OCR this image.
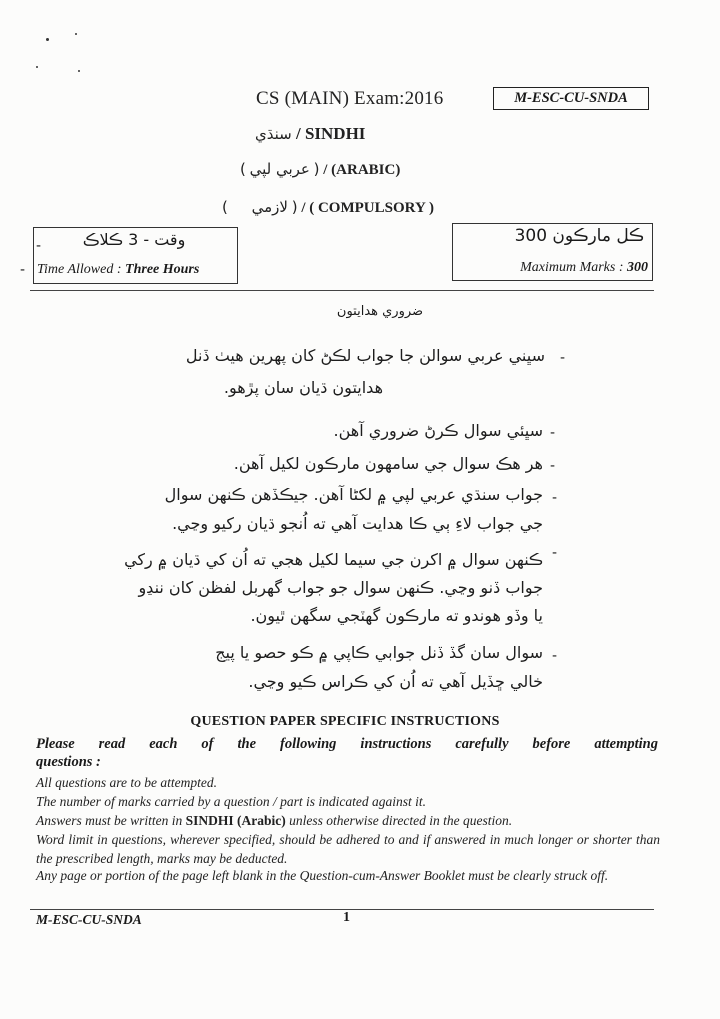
CS (MAIN) Exam:2016	M-ESC-CU-SNDA
سنڌي / SINDHI
( عربي لپي ) / (ARABIC)
( لازمي ) / ( COMPULSORY )
وقت - 3 ڪلاڪ
Time Allowed : Three Hours
-
-	ڪل مارڪون 300
Maximum Marks : 300
ضروري هدايتون
سڀني عربي سوالن جا جواب لڪڻ کان پهرين هيٺ ڏنل -
هدايتون ڌيان سان پڙهو.
-
سڀئي سوال ڪرڻ ضروري آهن.
-
هر هڪ سوال جي سامهون مارڪون لکيل آهن.
-
جواب سنڌي عربي لپي ۾ لکڻا آهن. جيڪڏهن ڪنهن سوال
جي جواب لاءِ ٻي ڪا هدايت آهي ته اُنجو ڌيان رکيو وڃي.
-
ڪنهن سوال ۾ اکرن جي سيما لکيل هجي ته اُن کي ڌيان ۾ رکي
جواب ڏنو وڃي. ڪنهن سوال جو جواب گهربل لفظن کان ننڍو
يا وڏو هوندو ته مارڪون گهٽجي سگهن ٿيون.
-
سوال سان گڏ ڏنل جوابي ڪاپي ۾ ڪو حصو يا پيج
خالي ڇڏيل آهي ته اُن کي ڪراس ڪيو وڃي.
QUESTION PAPER SPECIFIC INSTRUCTIONS
Please read each of the following instructions carefully before attempting
questions :
All questions are to be attempted.
The number of marks carried by a question / part is indicated against it.
Answers must be written in SINDHI (Arabic) unless otherwise directed in the question.
Word limit in questions, wherever specified, should be adhered to and if answered in much longer or shorter than the prescribed length, marks may be deducted.
Any page or portion of the page left blank in the Question-cum-Answer Booklet must be clearly struck off.
M-ESC-CU-SNDA	1
